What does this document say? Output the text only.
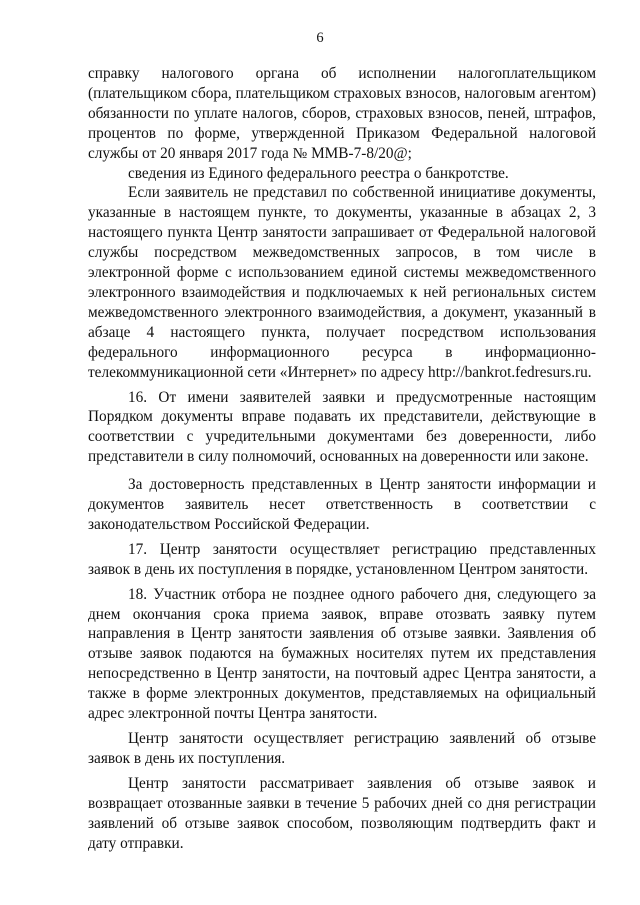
6

справку налогового органа об исполнении налогоплательщиком (плательщиком сбора, плательщиком страховых взносов, налоговым агентом) обязанности по уплате налогов, сборов, страховых взносов, пеней, штрафов, процентов по форме, утвержденной Приказом Федеральной налоговой службы от 20 января 2017 года № ММВ-7-8/20@;

сведения из Единого федерального реестра о банкротстве.

Если заявитель не представил по собственной инициативе документы, указанные в настоящем пункте, то документы, указанные в абзацах 2, 3 настоящего пункта Центр занятости запрашивает от Федеральной налоговой службы посредством межведомственных запросов, в том числе в электронной форме с использованием единой системы межведомственного электронного взаимодействия и подключаемых к ней региональных систем межведомственного электронного взаимодействия, а документ, указанный в абзаце 4 настоящего пункта, получает посредством использования федерального информационного ресурса в информационно-телекоммуникационной сети «Интернет» по адресу http://bankrot.fedresurs.ru.

16. От имени заявителей заявки и предусмотренные настоящим Порядком документы вправе подавать их представители, действующие в соответствии с учредительными документами без доверенности, либо представители в силу полномочий, основанных на доверенности или законе.

За достоверность представленных в Центр занятости информации и документов заявитель несет ответственность в соответствии с законодательством Российской Федерации.

17. Центр занятости осуществляет регистрацию представленных заявок в день их поступления в порядке, установленном Центром занятости.

18. Участник отбора не позднее одного рабочего дня, следующего за днем окончания срока приема заявок, вправе отозвать заявку путем направления в Центр занятости заявления об отзыве заявки. Заявления об отзыве заявок подаются на бумажных носителях путем их представления непосредственно в Центр занятости, на почтовый адрес Центра занятости, а также в форме электронных документов, представляемых на официальный адрес электронной почты Центра занятости.

Центр занятости осуществляет регистрацию заявлений об отзыве заявок в день их поступления.

Центр занятости рассматривает заявления об отзыве заявок и возвращает отозванные заявки в течение 5 рабочих дней со дня регистрации заявлений об отзыве заявок способом, позволяющим подтвердить факт и дату отправки.
